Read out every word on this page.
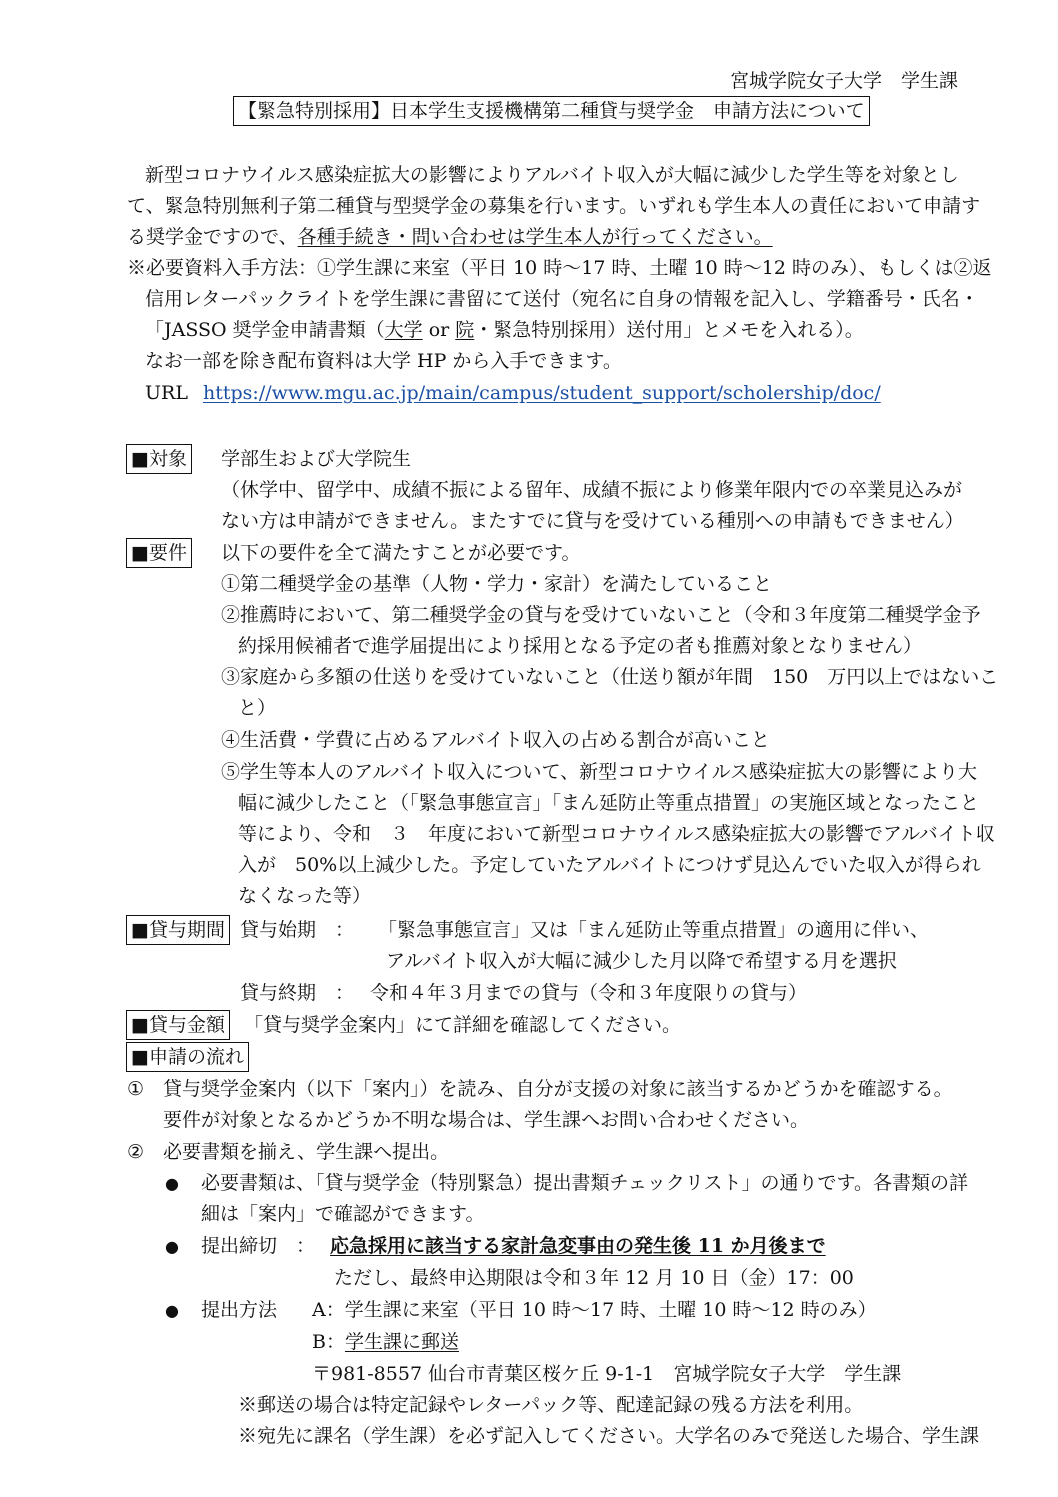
宮城学院女子大学　学生課
【緊急特別採用】日本学生支援機構第二種貸与奨学金　申請方法について
新型コロナウイルス感染症拡大の影響によりアルバイト収入が大幅に減少した学生等を対象とし
て、緊急特別無利子第二種貸与型奨学金の募集を行います。いずれも学生本人の責任において申請す
る奨学金ですので、各種手続き・問い合わせは学生本人が行ってください。
※必要資料入手方法：①学生課に来室（平日 10 時〜17 時、土曜 10 時〜12 時のみ）、もしくは②返
信用レターパックライトを学生課に書留にて送付（宛名に自身の情報を記入し、学籍番号・氏名・
「JASSO 奨学金申請書類（大学 or 院・緊急特別採用）送付用」とメモを入れる）。
なお一部を除き配布資料は大学 HP から入手できます。
URL https://www.mgu.ac.jp/main/campus/student_support/scholership/doc/
■対象 学部生および大学院生
（休学中、留学中、成績不振による留年、成績不振により修業年限内での卒業見込みが
ない方は申請ができません。またすでに貸与を受けている種別への申請もできません）
■要件 以下の要件を全て満たすことが必要です。
①第二種奨学金の基準（人物・学力・家計）を満たしていること
②推薦時において、第二種奨学金の貸与を受けていないこと（令和３年度第二種奨学金予
約採用候補者で進学届提出により採用となる予定の者も推薦対象となりません）
③家庭から多額の仕送りを受けていないこと（仕送り額が年間　150　万円以上ではないこ
と）
④生活費・学費に占めるアルバイト収入の占める割合が高いこと
⑤学生等本人のアルバイト収入について、新型コロナウイルス感染症拡大の影響により大
幅に減少したこと（「緊急事態宣言」「まん延防止等重点措置」の実施区域となったこと
等により、令和　３　年度において新型コロナウイルス感染症拡大の影響でアルバイト収
入が　50%以上減少した。予定していたアルバイトにつけず見込んでいた収入が得られ
なくなった等）
■貸与期間 貸与始期　： 「緊急事態宣言」又は「まん延防止等重点措置」の適用に伴い、
アルバイト収入が大幅に減少した月以降で希望する月を選択
貸与終期　： 令和４年３月までの貸与（令和３年度限りの貸与）
■貸与金額 「貸与奨学金案内」にて詳細を確認してください。
■申請の流れ
① 貸与奨学金案内（以下「案内」）を読み、自分が支援の対象に該当するかどうかを確認する。
要件が対象となるかどうか不明な場合は、学生課へお問い合わせください。
② 必要書類を揃え、学生課へ提出。
● 必要書類は、「貸与奨学金（特別緊急）提出書類チェックリスト」の通りです。各書類の詳
細は「案内」で確認ができます。
● 提出締切　： 応急採用に該当する家計急変事由の発生後 11 か月後まで
ただし、最終申込期限は令和３年 12 月 10 日（金）17：00
● 提出方法 A：学生課に来室（平日 10 時〜17 時、土曜 10 時〜12 時のみ）
B：学生課に郵送
〒981-8557 仙台市青葉区桜ケ丘 9-1-1　宮城学院女子大学　学生課
※郵送の場合は特定記録やレターパック等、配達記録の残る方法を利用。
※宛先に課名（学生課）を必ず記入してください。大学名のみで発送した場合、学生課
